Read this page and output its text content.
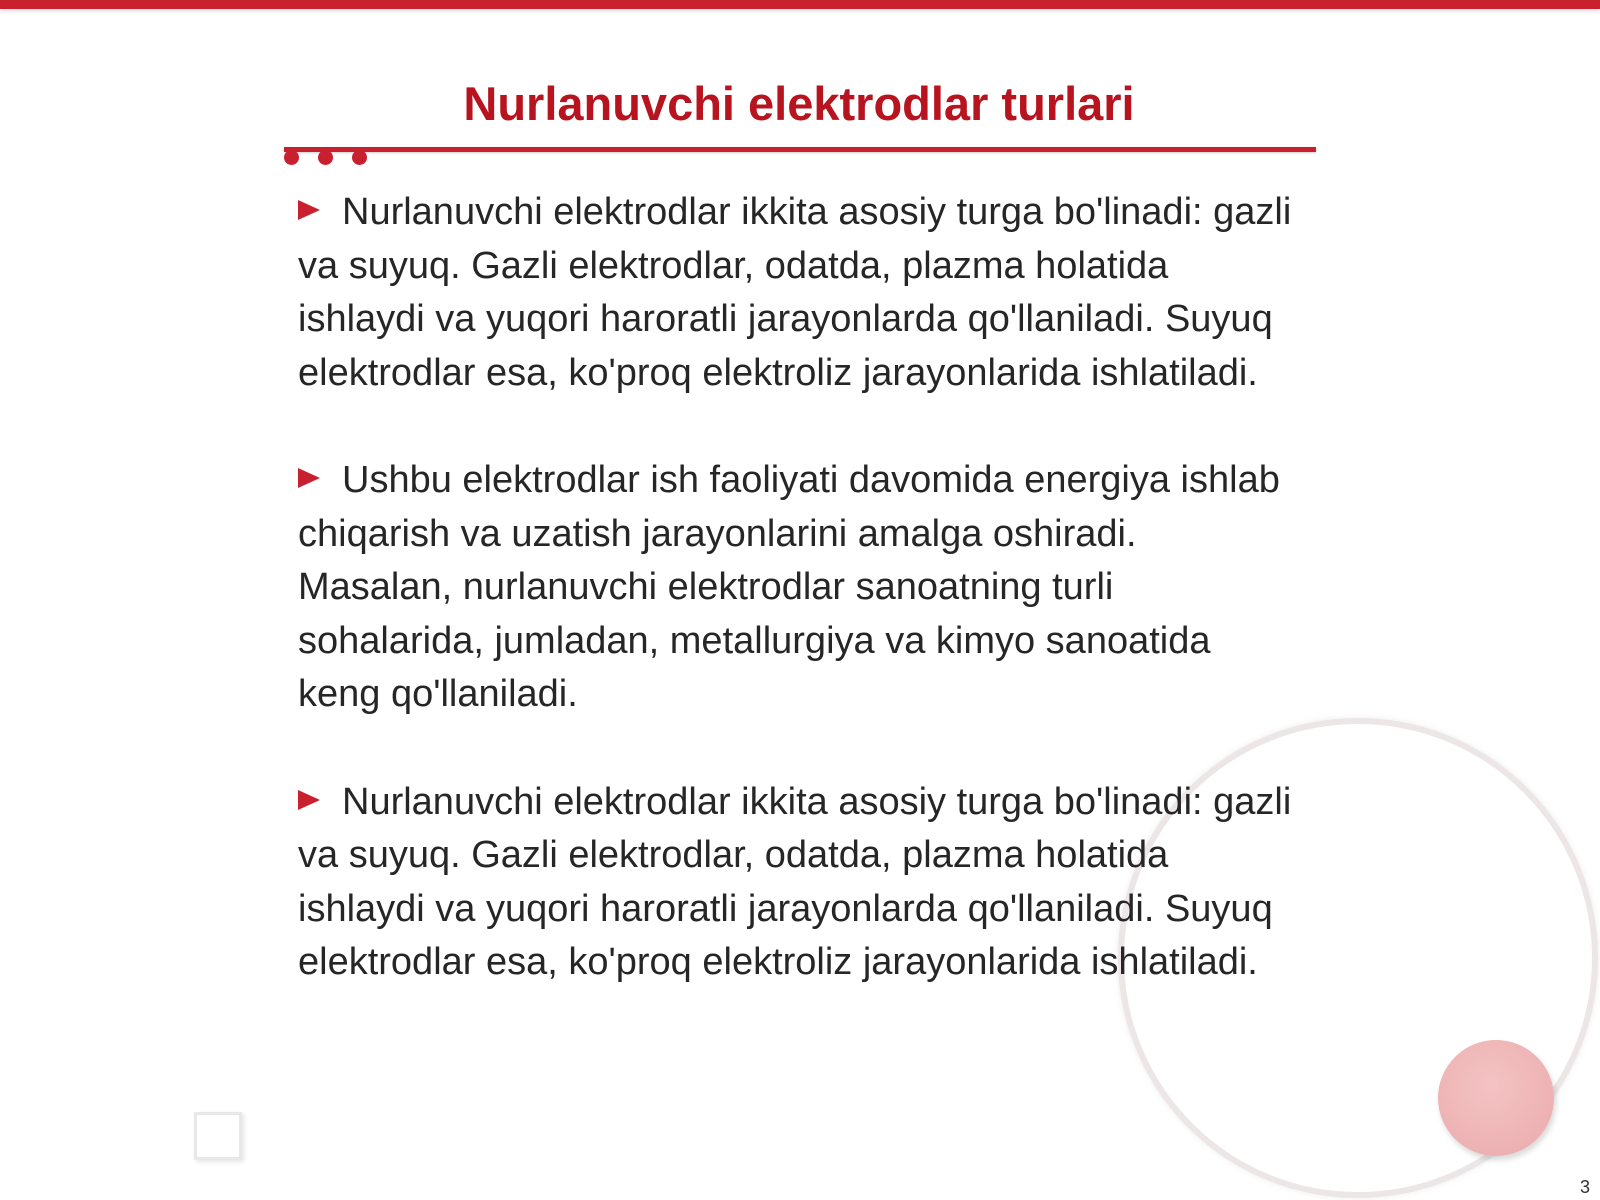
Nurlanuvchi elektrodlar turlari

Nurlanuvchi elektrodlar ikkita asosiy turga bo'linadi: gazli va suyuq. Gazli elektrodlar, odatda, plazma holatida ishlaydi va yuqori haroratli jarayonlarda qo'llaniladi. Suyuq elektrodlar esa, ko'proq elektroliz jarayonlarida ishlatiladi.

Ushbu elektrodlar ish faoliyati davomida energiya ishlab chiqarish va uzatish jarayonlarini amalga oshiradi. Masalan, nurlanuvchi elektrodlar sanoatning turli sohalarida, jumladan, metallurgiya va kimyo sanoatida keng qo'llaniladi.

Nurlanuvchi elektrodlar ikkita asosiy turga bo'linadi: gazli va suyuq. Gazli elektrodlar, odatda, plazma holatida ishlaydi va yuqori haroratli jarayonlarda qo'llaniladi. Suyuq elektrodlar esa, ko'proq elektroliz jarayonlarida ishlatiladi.

3
